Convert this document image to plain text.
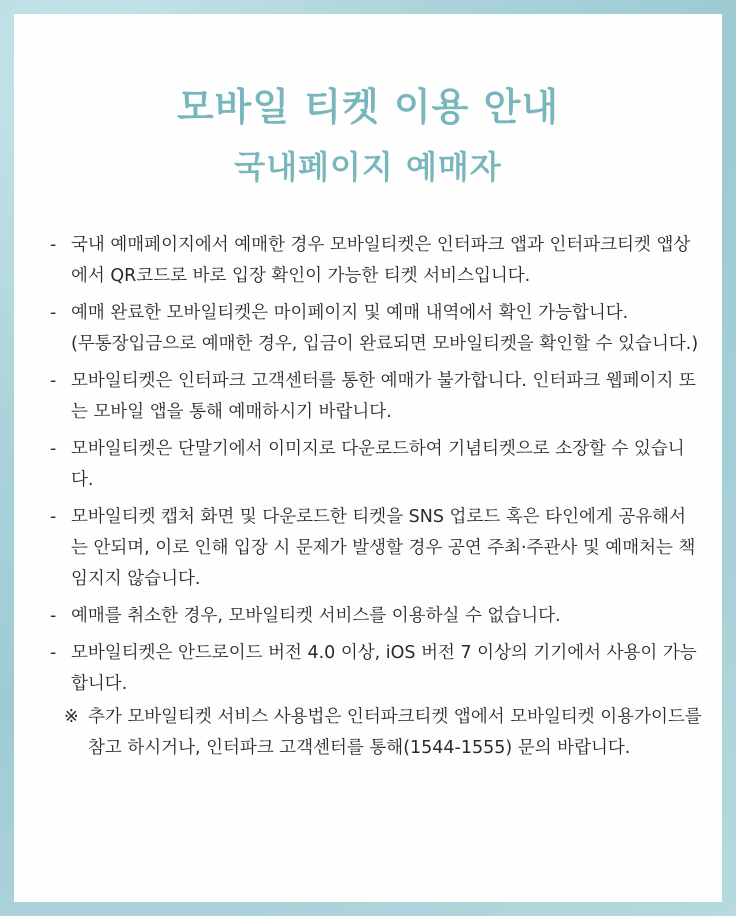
모바일 티켓 이용 안내
국내페이지 예매자
- 국내 예매페이지에서 예매한 경우 모바일티켓은 인터파크 앱과 인터파크티켓 앱상에서 QR코드로 바로 입장 확인이 가능한 티켓 서비스입니다.
- 예매 완료한 모바일티켓은 마이페이지 및 예매 내역에서 확인 가능합니다.
(무통장입금으로 예매한 경우, 입금이 완료되면 모바일티켓을 확인할 수 있습니다.)
- 모바일티켓은 인터파크 고객센터를 통한 예매가 불가합니다. 인터파크 웹페이지 또는 모바일 앱을 통해 예매하시기 바랍니다.
- 모바일티켓은 단말기에서 이미지로 다운로드하여 기념티켓으로 소장할 수 있습니다.
- 모바일티켓 캡처 화면 및 다운로드한 티켓을 SNS 업로드 혹은 타인에게 공유해서는 안되며, 이로 인해 입장 시 문제가 발생할 경우 공연 주최·주관사 및 예매처는 책임지지 않습니다.
- 예매를 취소한 경우, 모바일티켓 서비스를 이용하실 수 없습니다.
- 모바일티켓은 안드로이드 버전 4.0 이상, iOS 버전 7 이상의 기기에서 사용이 가능합니다.
※ 추가 모바일티켓 서비스 사용법은 인터파크티켓 앱에서 모바일티켓 이용가이드를 참고 하시거나, 인터파크 고객센터를 통해(1544-1555) 문의 바랍니다.
